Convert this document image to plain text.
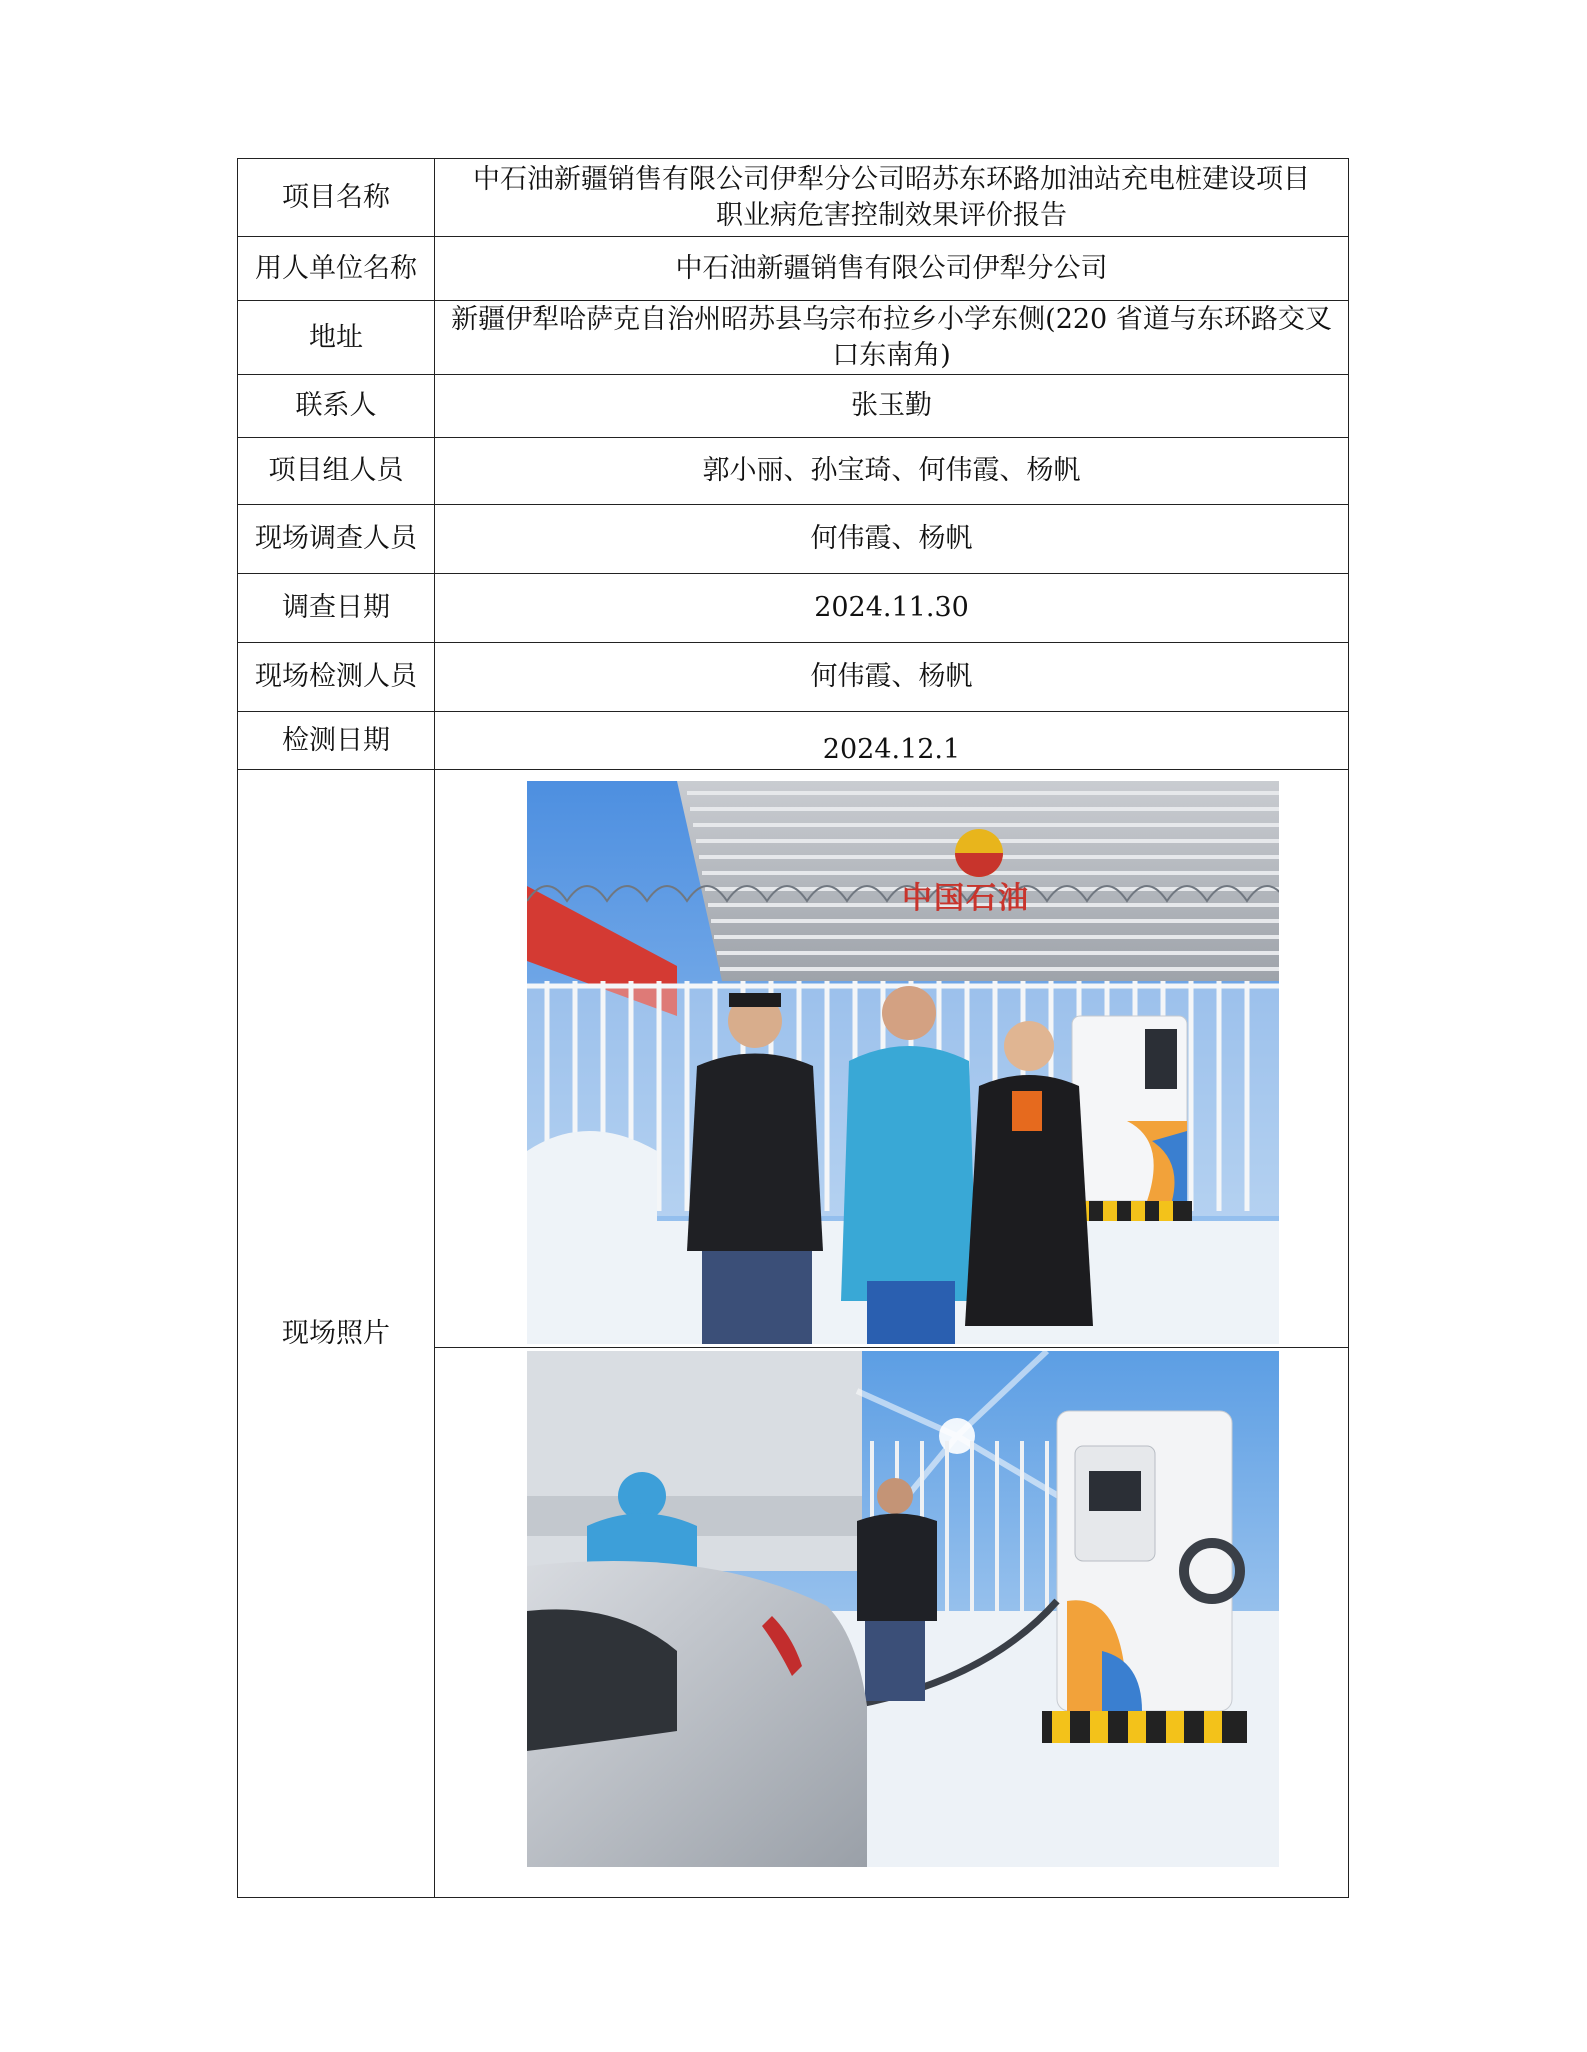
项目名称	中石油新疆销售有限公司伊犁分公司昭苏东环路加油站充电桩建设项目
职业病危害控制效果评价报告

用人单位名称	中石油新疆销售有限公司伊犁分公司
地址	新疆伊犁哈萨克自治州昭苏县乌宗布拉乡小学东侧(220 省道与东环路交叉
口东南角)

联系人	张玉勤
项目组人员	郭小丽、孙宝琦、何伟霞、杨帆
现场调查人员	何伟霞、杨帆
调查日期	2024.11.30
现场检测人员	何伟霞、杨帆
检测日期	2024.12.1
现场照片	中国石油
